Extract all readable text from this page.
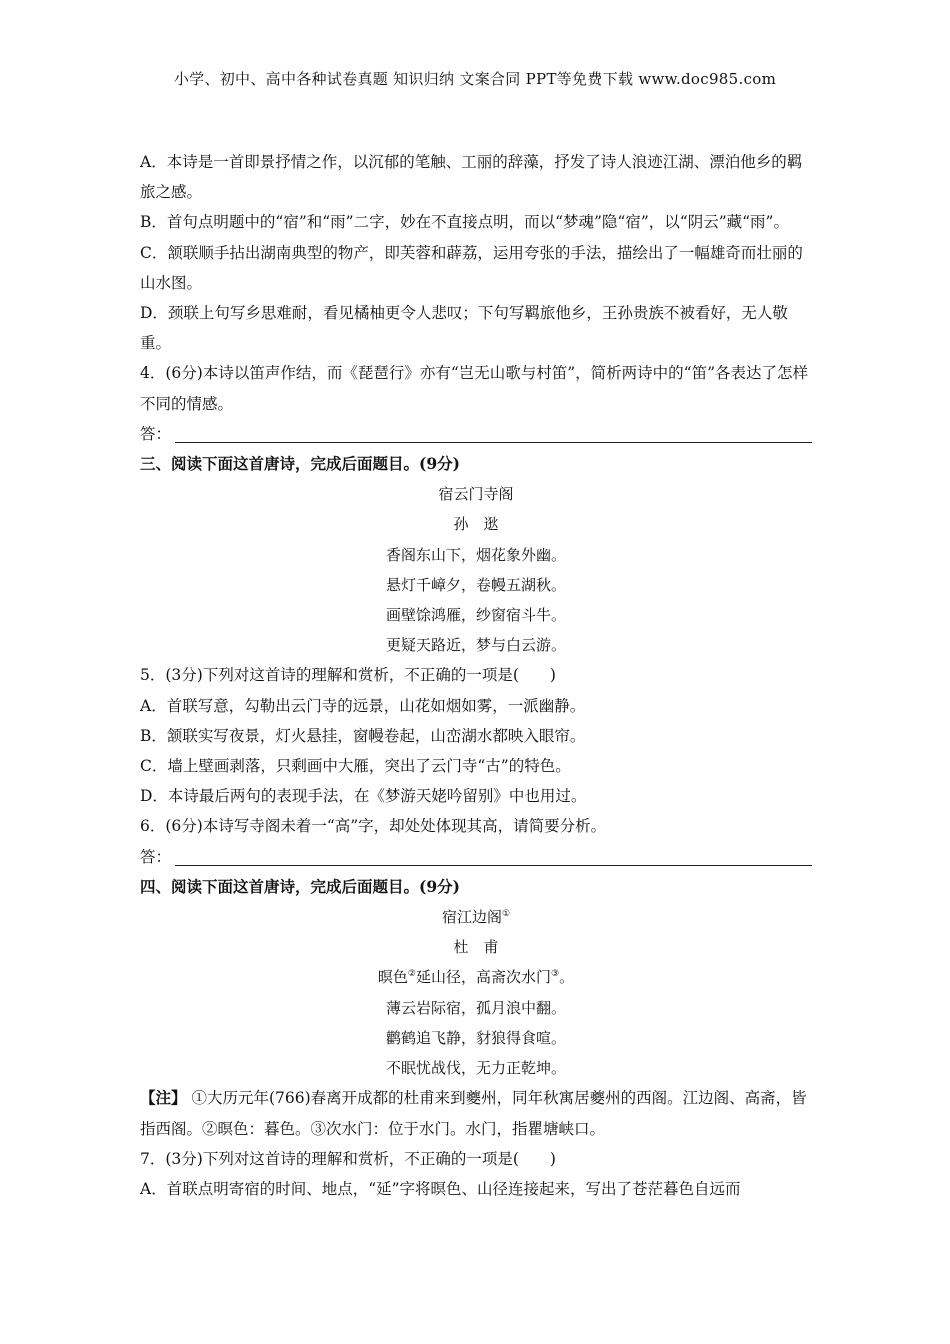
小学、初中、高中各种试卷真题 知识归纳 文案合同 PPT等免费下载 www.doc985.com
A．本诗是一首即景抒情之作，以沉郁的笔触、工丽的辞藻，抒发了诗人浪迹江湖、漂泊他乡的羁旅之感。
B．首句点明题中的“宿”和“雨”二字，妙在不直接点明，而以“梦魂”隐“宿”，以“阴云”藏“雨”。
C．颔联顺手拈出湖南典型的物产，即芙蓉和薜荔，运用夸张的手法，描绘出了一幅雄奇而壮丽的山水图。
D．颈联上句写乡思难耐，看见橘柚更令人悲叹；下句写羁旅他乡，王孙贵族不被看好，无人敬重。
4．(6分)本诗以笛声作结，而《琵琶行》亦有“岂无山歌与村笛”，简析两诗中的“笛”各表达了怎样不同的情感。
答：
三、阅读下面这首唐诗，完成后面题目。(9分)
宿云门寺阁
孙　逖
香阁东山下，烟花象外幽。
悬灯千嶂夕，卷幔五湖秋。
画壁馀鸿雁，纱窗宿斗牛。
更疑天路近，梦与白云游。
5．(3分)下列对这首诗的理解和赏析，不正确的一项是(　　)
A．首联写意，勾勒出云门寺的远景，山花如烟如雾，一派幽静。
B．颔联实写夜景，灯火悬挂，窗幔卷起，山峦湖水都映入眼帘。
C．墙上壁画剥落，只剩画中大雁，突出了云门寺“古”的特色。
D．本诗最后两句的表现手法，在《梦游天姥吟留别》中也用过。
6．(6分)本诗写寺阁未着一“高”字，却处处体现其高，请简要分析。
答：
四、阅读下面这首唐诗，完成后面题目。(9分)
宿江边阁①
杜　甫
暝色②延山径，高斋次水门③。
薄云岩际宿，孤月浪中翻。
鹳鹤追飞静，豺狼得食喧。
不眠忧战伐，无力正乾坤。
【注】 ①大历元年(766)春离开成都的杜甫来到夔州，同年秋寓居夔州的西阁。江边阁、高斋，皆指西阁。②暝色：暮色。③次水门：位于水门。水门，指瞿塘峡口。
7．(3分)下列对这首诗的理解和赏析，不正确的一项是(　　)
A．首联点明寄宿的时间、地点，“延”字将暝色、山径连接起来，写出了苍茫暮色自远而
